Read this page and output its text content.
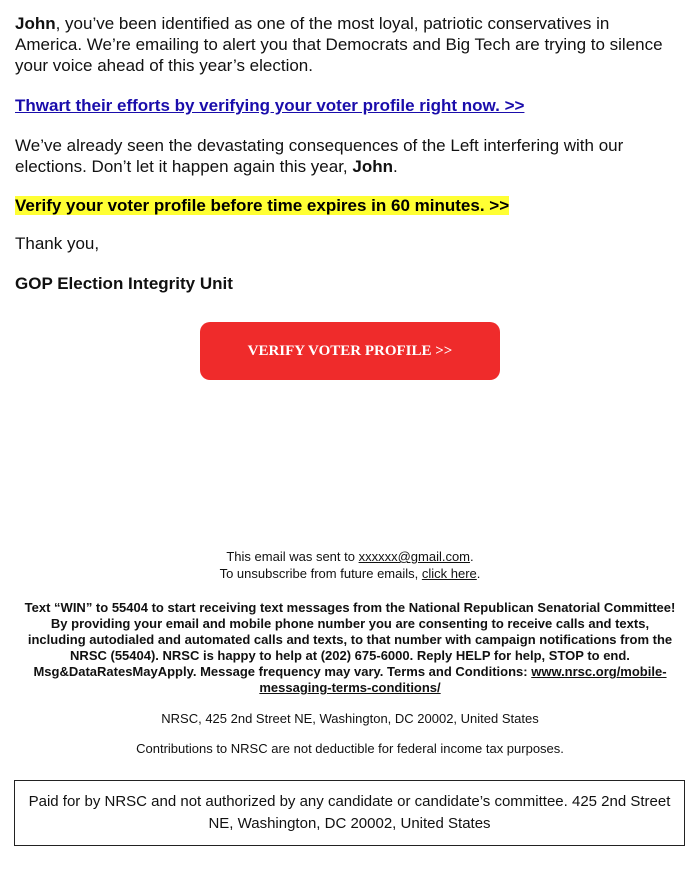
John, you’ve been identified as one of the most loyal, patriotic conservatives in America. We’re emailing to alert you that Democrats and Big Tech are trying to silence your voice ahead of this year’s election.

Thwart their efforts by verifying your voter profile right now. >>

We’ve already seen the devastating consequences of the Left interfering with our elections. Don’t let it happen again this year, John.

Verify your voter profile before time expires in 60 minutes. >>

Thank you,

GOP Election Integrity Unit

VERIFY VOTER PROFILE >>
This email was sent to xxxxxx@gmail.com.
To unsubscribe from future emails, click here.
Text “WIN” to 55404 to start receiving text messages from the National Republican Senatorial Committee! By providing your email and mobile phone number you are consenting to receive calls and texts, including autodialed and automated calls and texts, to that number with campaign notifications from the NRSC (55404). NRSC is happy to help at (202) 675-6000. Reply HELP for help, STOP to end. Msg&DataRatesMayApply. Message frequency may vary. Terms and Conditions: www.nrsc.org/mobile-messaging-terms-conditions/
NRSC, 425 2nd Street NE, Washington, DC 20002, United States
Contributions to NRSC are not deductible for federal income tax purposes.
Paid for by NRSC and not authorized by any candidate or candidate’s committee. 425 2nd Street NE, Washington, DC 20002, United States
